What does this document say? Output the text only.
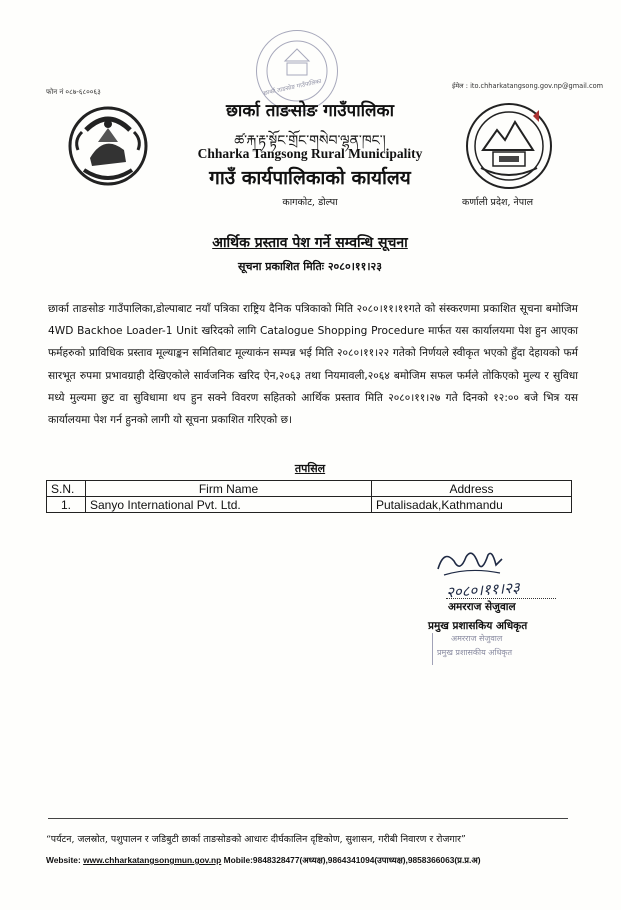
फोन नं ०८७-६८००६३
ईमेल : ito.chharkatangsong.gov.np@gmail.com
छार्का ताङसोङ गाउँपालिका
छार्का ताङसोङ गाउँपालिका
ཚ་རྐ་རྟ་སྟོང་གྲོང་གསེབ་ལྷན་ཁང་།
Chharka Tangsong Rural Municipality
गाउँ कार्यपालिकाको कार्यालय
कागकोट, डोल्पा	कर्णाली प्रदेश, नेपाल
आर्थिक प्रस्ताव पेश गर्ने सम्वन्धि सूचना
सूचना प्रकाशित मितिः २०८०।११।२३
छार्का ताङसोङ गाउँपालिका,डोल्पाबाट नयाँ पत्रिका राष्ट्रिय दैनिक पत्रिकाको मिति २०८०।११।११गते को संस्करणमा प्रकाशित सूचना बमोजिम 4WD Backhoe Loader-1 Unit खरिदको लागि Catalogue Shopping Procedure मार्फत यस कार्यालयमा पेश हुन आएका फर्महरुको प्राविधिक प्रस्ताव मूल्याङ्कन समितिबाट मूल्याकंन सम्पन्न भई मिति २०८०।११।२२ गतेको निर्णयले स्वीकृत भएको हुँदा देहायको फर्म सारभूत रुपमा प्रभावग्राही देखिएकोले सार्वजनिक खरिद ऐन,२०६३ तथा नियमावली,२०६४ बमोजिम सफल फर्मले तोकिएको मुल्य र सुविधा मध्ये मुल्यमा छुट वा सुविधामा थप हुन सक्ने विवरण सहितको आर्थिक प्रस्ताव मिति २०८०।११।२७ गते दिनको १२:०० बजे भित्र यस कार्यालयमा पेश गर्न हुनको लागी यो सूचना प्रकाशित गरिएको छ।
तपसिल
S.N.	Firm Name	Address
1.	Sanyo International Pvt. Ltd.	Putalisadak,Kathmandu
२०८०।११।२३
अमरराज सेजुवाल
प्रमुख प्रशासकिय अधिकृत
अमरराज सेजुवाल
प्रमुख प्रशासकीय अधिकृत
“पर्यटन, जलस्रोत, पशुपालन र जडिबुटी छार्का ताङसोङको आधारः दीर्घकालिन दृष्टिकोण, सुशासन, गरीबी निवारण र रोजगार”
Website: www.chharkatangsongmun.gov.np Mobile:9848328477(अध्यक्ष),9864341094(उपाध्यक्ष),9858366063(प्र.प्र.अ)
